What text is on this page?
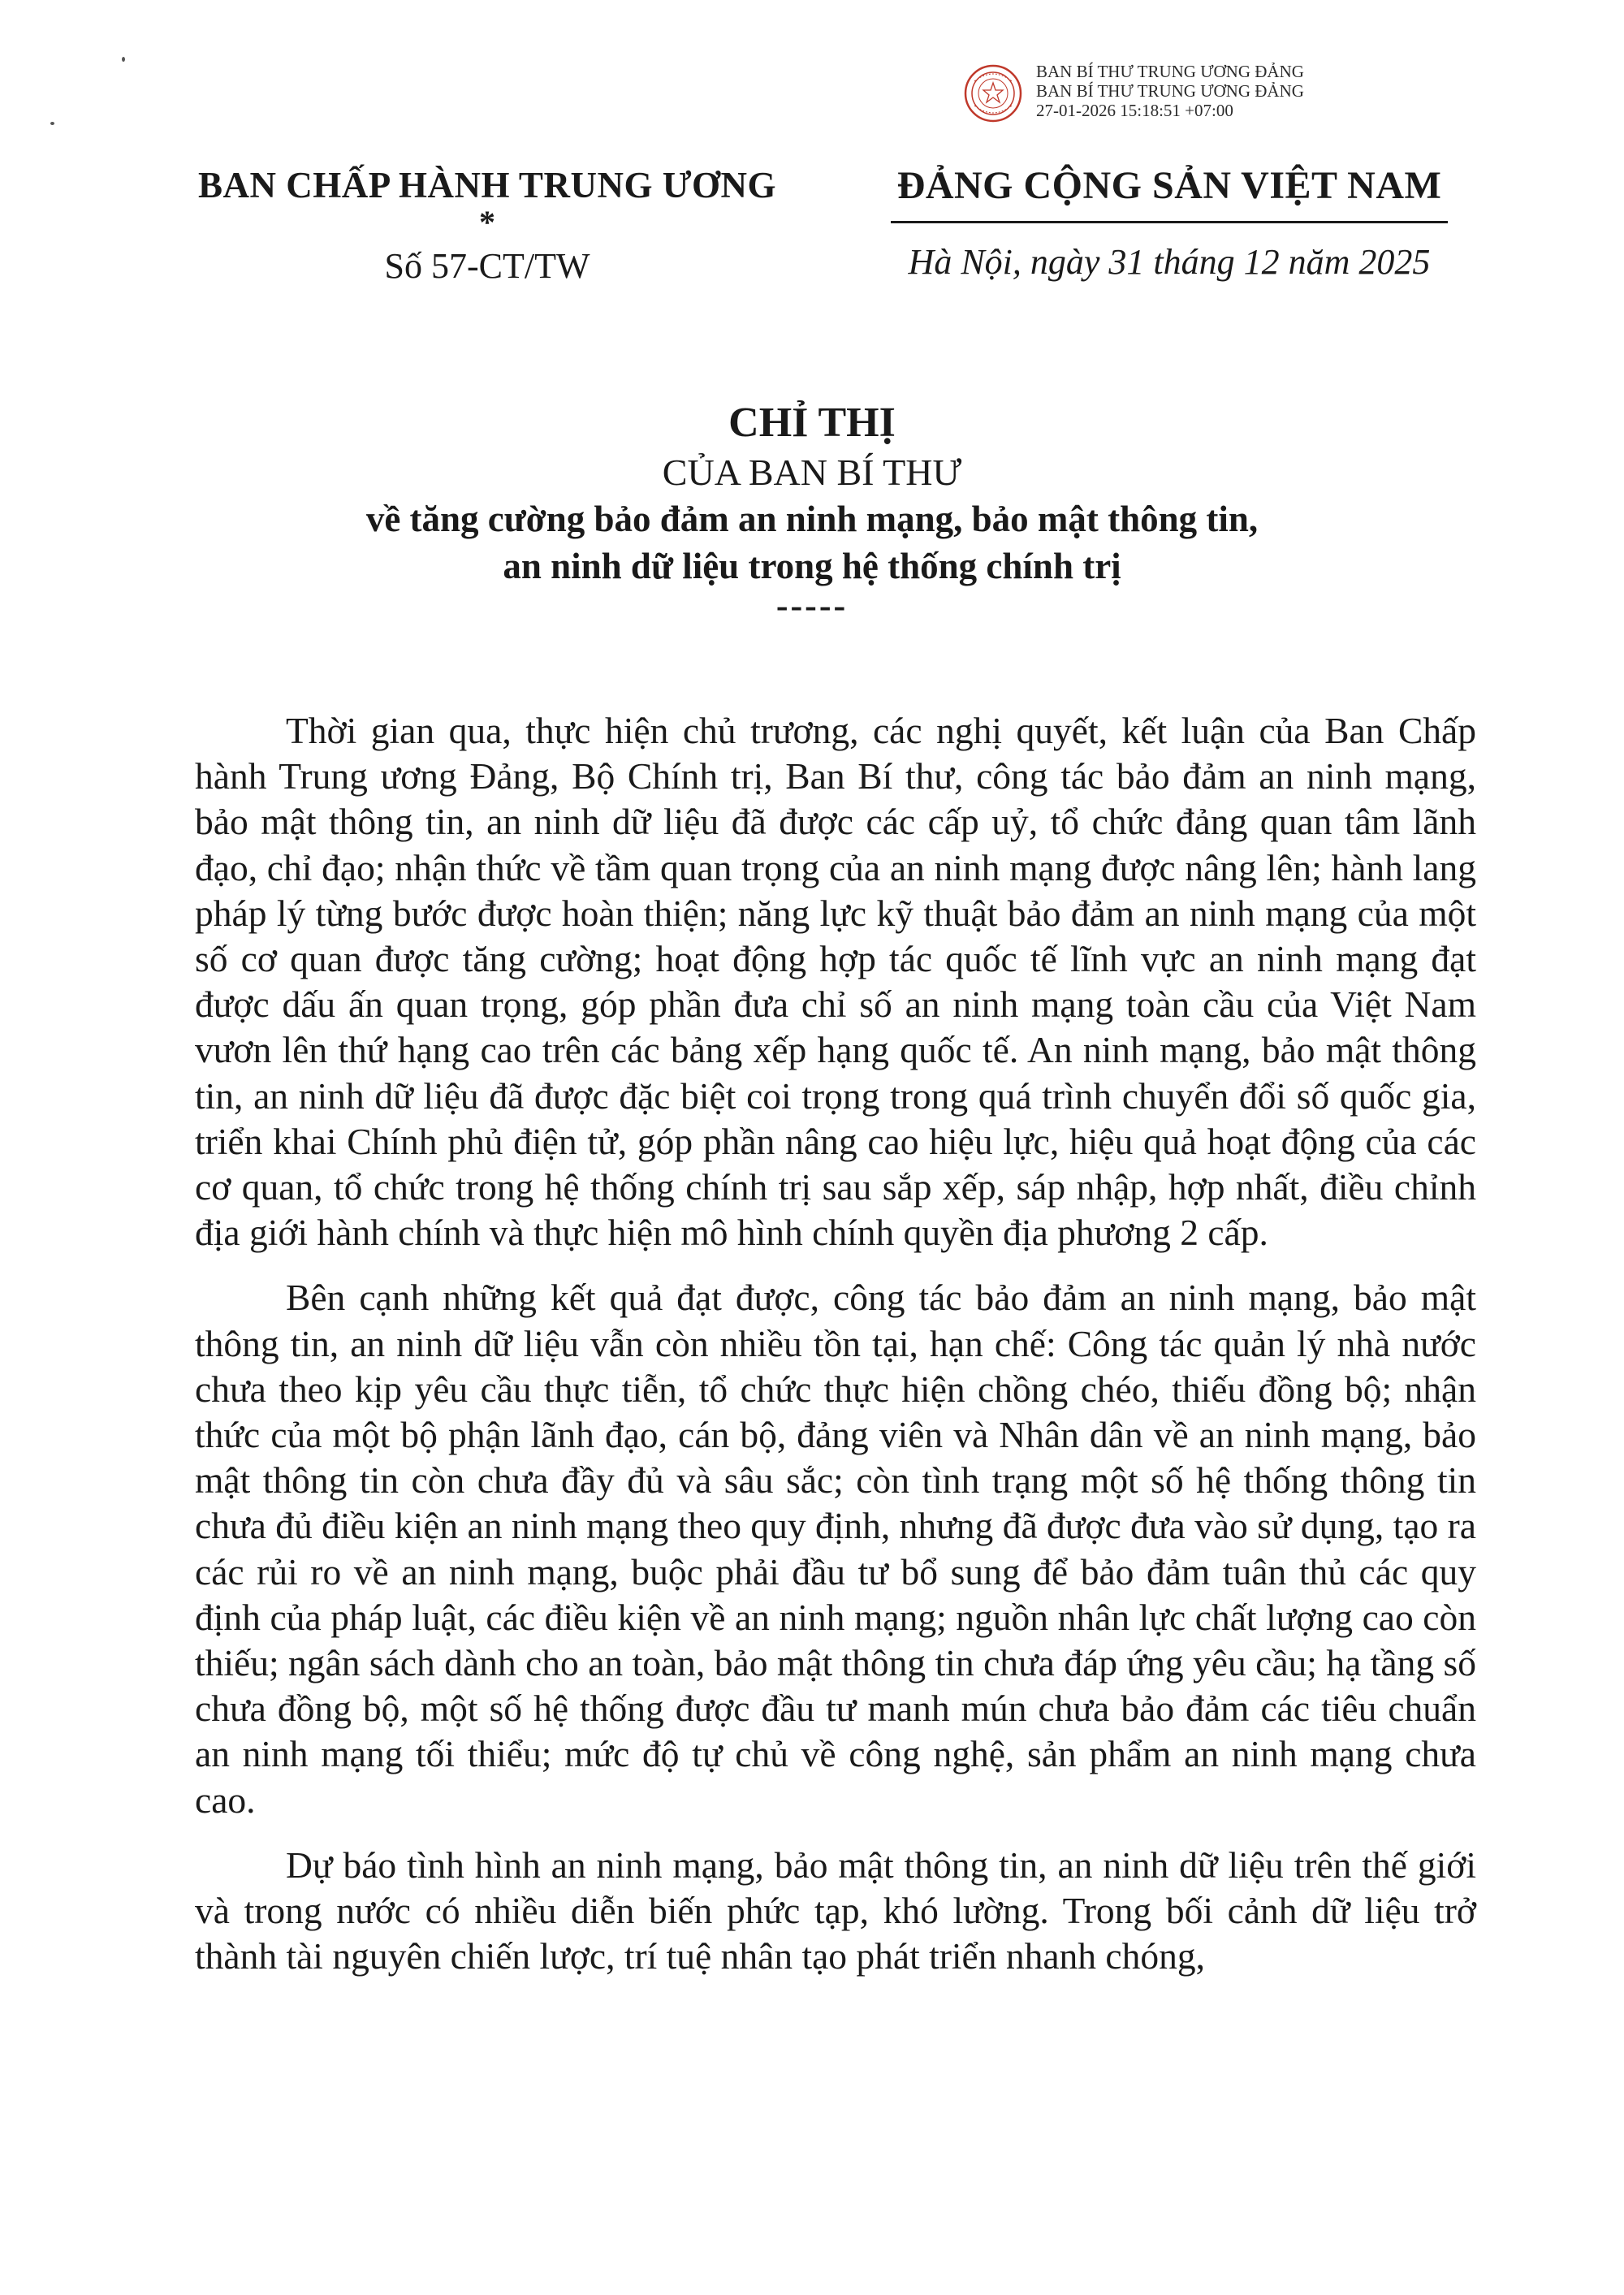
BAN BÍ THƯ TRUNG ƯƠNG ĐẢNG
BAN BÍ THƯ TRUNG ƯƠNG ĐẢNG
27-01-2026 15:18:51 +07:00
BAN CHẤP HÀNH TRUNG ƯƠNG
*
Số 57-CT/TW
ĐẢNG CỘNG SẢN VIỆT NAM
Hà Nội, ngày 31 tháng 12 năm 2025
CHỈ THỊ
CỦA BAN BÍ THƯ
về tăng cường bảo đảm an ninh mạng, bảo mật thông tin,
an ninh dữ liệu trong hệ thống chính trị
-----

Thời gian qua, thực hiện chủ trương, các nghị quyết, kết luận của Ban Chấp hành Trung ương Đảng, Bộ Chính trị, Ban Bí thư, công tác bảo đảm an ninh mạng, bảo mật thông tin, an ninh dữ liệu đã được các cấp uỷ, tổ chức đảng quan tâm lãnh đạo, chỉ đạo; nhận thức về tầm quan trọng của an ninh mạng được nâng lên; hành lang pháp lý từng bước được hoàn thiện; năng lực kỹ thuật bảo đảm an ninh mạng của một số cơ quan được tăng cường; hoạt động hợp tác quốc tế lĩnh vực an ninh mạng đạt được dấu ấn quan trọng, góp phần đưa chỉ số an ninh mạng toàn cầu của Việt Nam vươn lên thứ hạng cao trên các bảng xếp hạng quốc tế. An ninh mạng, bảo mật thông tin, an ninh dữ liệu đã được đặc biệt coi trọng trong quá trình chuyển đổi số quốc gia, triển khai Chính phủ điện tử, góp phần nâng cao hiệu lực, hiệu quả hoạt động của các cơ quan, tổ chức trong hệ thống chính trị sau sắp xếp, sáp nhập, hợp nhất, điều chỉnh địa giới hành chính và thực hiện mô hình chính quyền địa phương 2 cấp.

Bên cạnh những kết quả đạt được, công tác bảo đảm an ninh mạng, bảo mật thông tin, an ninh dữ liệu vẫn còn nhiều tồn tại, hạn chế: Công tác quản lý nhà nước chưa theo kịp yêu cầu thực tiễn, tổ chức thực hiện chồng chéo, thiếu đồng bộ; nhận thức của một bộ phận lãnh đạo, cán bộ, đảng viên và Nhân dân về an ninh mạng, bảo mật thông tin còn chưa đầy đủ và sâu sắc; còn tình trạng một số hệ thống thông tin chưa đủ điều kiện an ninh mạng theo quy định, nhưng đã được đưa vào sử dụng, tạo ra các rủi ro về an ninh mạng, buộc phải đầu tư bổ sung để bảo đảm tuân thủ các quy định của pháp luật, các điều kiện về an ninh mạng; nguồn nhân lực chất lượng cao còn thiếu; ngân sách dành cho an toàn, bảo mật thông tin chưa đáp ứng yêu cầu; hạ tầng số chưa đồng bộ, một số hệ thống được đầu tư manh mún chưa bảo đảm các tiêu chuẩn an ninh mạng tối thiểu; mức độ tự chủ về công nghệ, sản phẩm an ninh mạng chưa cao.

Dự báo tình hình an ninh mạng, bảo mật thông tin, an ninh dữ liệu trên thế giới và trong nước có nhiều diễn biến phức tạp, khó lường. Trong bối cảnh dữ liệu trở thành tài nguyên chiến lược, trí tuệ nhân tạo phát triển nhanh chóng,
